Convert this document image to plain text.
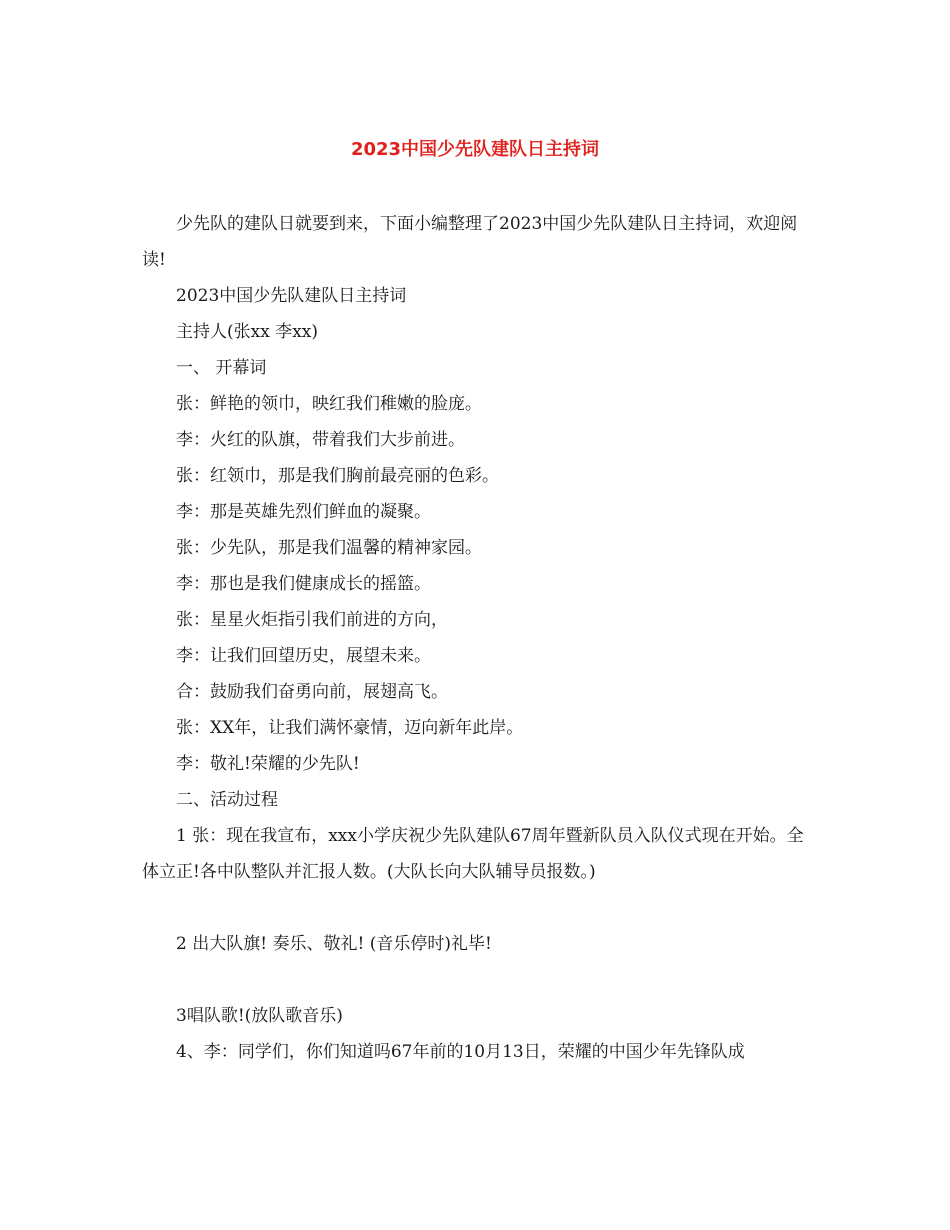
2023中国少先队建队日主持词

少先队的建队日就要到来，下面小编整理了2023中国少先队建队日主持词，欢迎阅读!

2023中国少先队建队日主持词

主持人(张xx 李xx)

一、 开幕词

张：鲜艳的领巾，映红我们稚嫩的脸庞。

李：火红的队旗，带着我们大步前进。

张：红领巾，那是我们胸前最亮丽的色彩。

李：那是英雄先烈们鲜血的凝聚。

张：少先队，那是我们温馨的精神家园。

李：那也是我们健康成长的摇篮。

张：星星火炬指引我们前进的方向，

李：让我们回望历史，展望未来。

合：鼓励我们奋勇向前，展翅高飞。

张：XX年，让我们满怀豪情，迈向新年此岸。

李：敬礼!荣耀的少先队!

二、活动过程

1 张：现在我宣布，xxx小学庆祝少先队建队67周年暨新队员入队仪式现在开始。全体立正!各中队整队并汇报人数。(大队长向大队辅导员报数。)

2 出大队旗! 奏乐、敬礼! (音乐停时)礼毕!

3唱队歌!(放队歌音乐)

4、李：同学们，你们知道吗67年前的10月13日，荣耀的中国少年先锋队成
